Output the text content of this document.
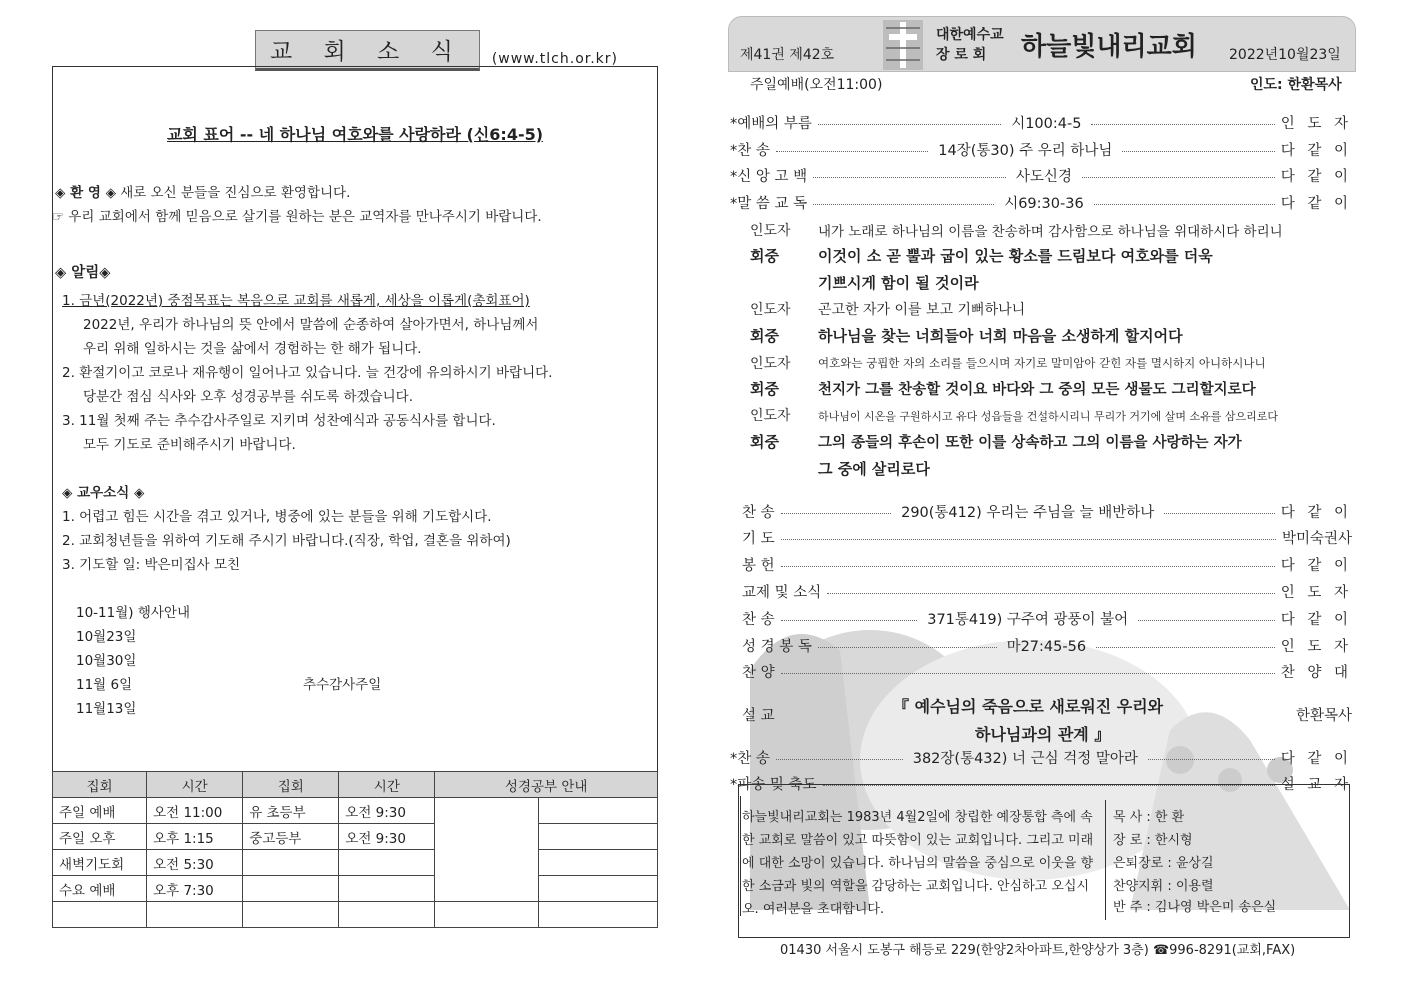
교 회 소 식	(www.tlch.or.kr)
교회 표어 -- 네 하나님 여호와를 사랑하라 (신6:4-5)
◈ 환 영 ◈ 새로 오신 분들을 진심으로 환영합니다.
☞ 우리 교회에서 함께 믿음으로 살기를 원하는 분은 교역자를 만나주시기 바랍니다.
◈ 알림◈
1. 금년(2022년) 중점목표는 복음으로 교회를 새롭게, 세상을 이롭게(총회표어)
2022년, 우리가 하나님의 뜻 안에서 말씀에 순종하여 살아가면서, 하나님께서
우리 위해 일하시는 것을 삶에서 경험하는 한 해가 됩니다.
2. 환절기이고 코로나 재유행이 일어나고 있습니다. 늘 건강에 유의하시기 바랍니다.
당분간 점심 식사와 오후 성경공부를 쉬도록 하겠습니다.
3. 11월 첫째 주는 추수감사주일로 지키며 성찬예식과 공동식사를 합니다.
모두 기도로 준비해주시기 바랍니다.
◈ 교우소식 ◈
1. 어렵고 힘든 시간을 겪고 있거나, 병중에 있는 분들을 위해 기도합시다.
2. 교회청년들을 위하여 기도해 주시기 바랍니다.(직장, 학업, 결혼을 위하여)
3. 기도할 일: 박은미집사 모친
10-11월) 행사안내
10월23일
10월30일
11월 6일	추수감사주일
11월13일
집회	시간	집회	시간	성경공부 안내	
주일 예배	오전 11:00	유 초등부	오전 9:30		
주일 오후	오후 1:15	중고등부	오전 9:30		
새벽기도회	오전 5:30				
수요 예배	오후 7:30				

제41권 제42호
대한예수교
장 로 회 하늘빛내리교회 2022년10월23일
주일예배(오전11:00)	인도: 한환목사
*예배의 부름	시100:4-5	인 도 자
*찬 송	14장(통30) 주 우리 하나님	다 같 이
*신 앙 고 백	사도신경	다 같 이
*말 씀 교 독	시69:30-36	다 같 이
인도자 내가 노래로 하나님의 이름을 찬송하며 감사함으로 하나님을 위대하시다 하리니
회중	이것이 소 곧 뿔과 굽이 있는 황소를 드림보다 여호와를 더욱
기쁘시게 함이 될 것이라
인도자 곤고한 자가 이를 보고 기뻐하나니
회중	하나님을 찾는 너희들아 너희 마음을 소생하게 할지어다
인도자 여호와는 궁핍한 자의 소리를 들으시며 자기로 말미암아 갇힌 자를 멸시하지 아니하시나니
회중	천지가 그를 찬송할 것이요 바다와 그 중의 모든 생물도 그리할지로다
인도자 하나님이 시온을 구원하시고 유다 성읍들을 건설하시리니 무리가 거기에 살며 소유를 삼으리로다
회중	그의 종들의 후손이 또한 이를 상속하고 그의 이름을 사랑하는 자가
그 중에 살리로다
찬 송	290(통412) 우리는 주님을 늘 배반하나	다 같 이
기 도	박미숙권사
봉 헌	다 같 이
교제 및 소식	인 도 자
찬 송	371통419) 구주여 광풍이 불어	다 같 이
성 경 봉 독	마27:45-56	인 도 자
찬 양	찬 양 대
설 교	한환목사
『 예수님의 죽음으로 새로워진 우리와
하나님과의 관계 』
*찬 송	382장(통432) 너 근심 걱정 말아라	다 같 이
*파송 및 축도	설 교 자
하늘빛내리교회는 1983년 4월2일에 창립한 예장통합 측에 속한 교회로 말씀이 있고 따뜻함이 있는 교회입니다. 그리고 미래에 대한 소망이 있습니다. 하나님의 말씀을 중심으로 이웃을 향한 소금과 빛의 역할을 감당하는 교회입니다. 안심하고 오십시오. 여러분을 초대합니다.
목 사 : 한 환
장 로 : 한시형
은퇴장로 : 윤상길
찬양지휘 : 이용렬
반 주 : 김나영 박은미 송은실
01430 서울시 도봉구 해등로 229(한양2차아파트,한양상가 3층) ☎996-8291(교회,FAX)
